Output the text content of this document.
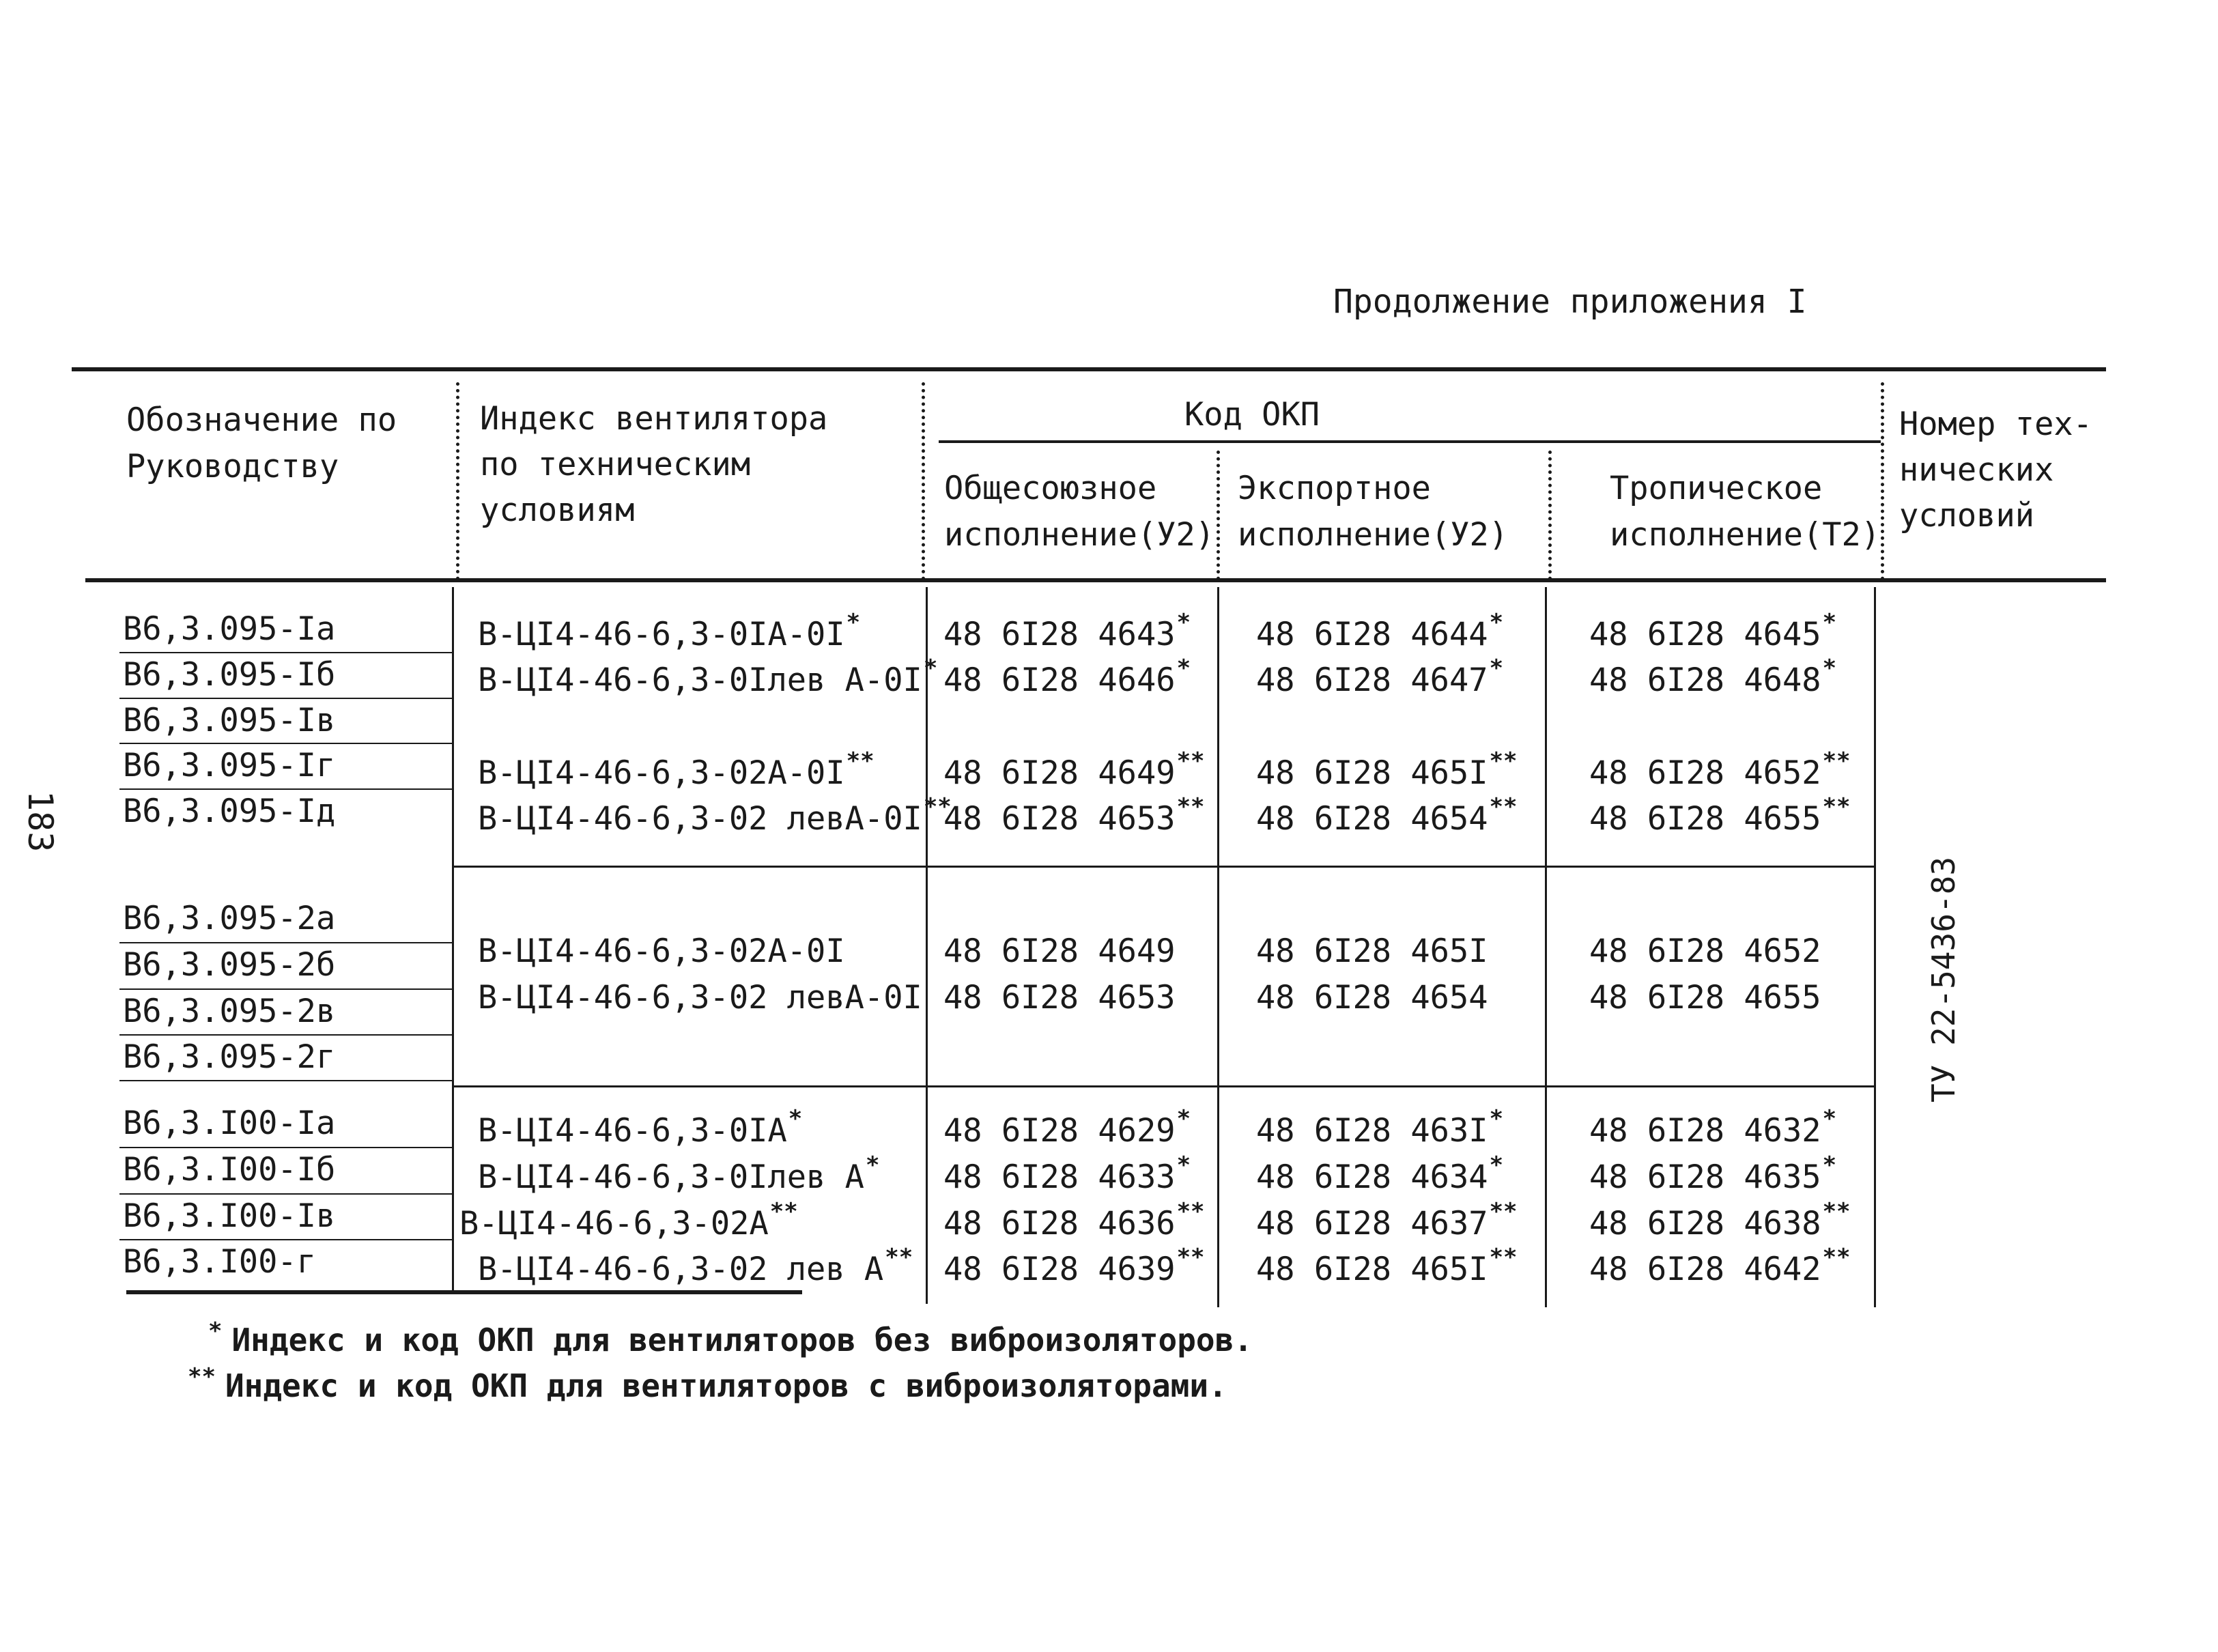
Продолжение приложения I
183
Обозначение по
Руководству
Индекс вентилятора
по техническим
условиям
Код ОКП
Общесоюзное
исполнение(У2)
Экспортное
исполнение(У2)
Тропическое
исполнение(Т2)
Номер тех-
нических
условий
В6,3.095-Iа
В6,3.095-Iб
В6,3.095-Iв
В6,3.095-Iг
В6,3.095-Iд
В6,3.095-2а
В6,3.095-2б
В6,3.095-2в
В6,3.095-2г
В6,3.I00-Iа
В6,3.I00-Iб
В6,3.I00-Iв
В6,3.I00-г
В-ЦI4-46-6,3-0IА-0I*
В-ЦI4-46-6,3-0Iлев А-0I*
В-ЦI4-46-6,3-02А-0I**
В-ЦI4-46-6,3-02 левА-0I**
В-ЦI4-46-6,3-02А-0I
В-ЦI4-46-6,3-02 левА-0I
В-ЦI4-46-6,3-0IА*
В-ЦI4-46-6,3-0Iлев А*
В-ЦI4-46-6,3-02А**
В-ЦI4-46-6,3-02 лев А**
48 6I28 4643*
48 6I28 4646*
48 6I28 4649**
48 6I28 4653**
48 6I28 4649
48 6I28 4653
48 6I28 4629*
48 6I28 4633*
48 6I28 4636**
48 6I28 4639**
48 6I28 4644*
48 6I28 4647*
48 6I28 465I**
48 6I28 4654**
48 6I28 465I
48 6I28 4654
48 6I28 463I*
48 6I28 4634*
48 6I28 4637**
48 6I28 465I**
48 6I28 4645*
48 6I28 4648*
48 6I28 4652**
48 6I28 4655**
48 6I28 4652
48 6I28 4655
48 6I28 4632*
48 6I28 4635*
48 6I28 4638**
48 6I28 4642**
ТУ 22-5436-83
* Индекс и код ОКП для вентиляторов без виброизоляторов.
** Индекс и код ОКП для вентиляторов с виброизоляторами.
